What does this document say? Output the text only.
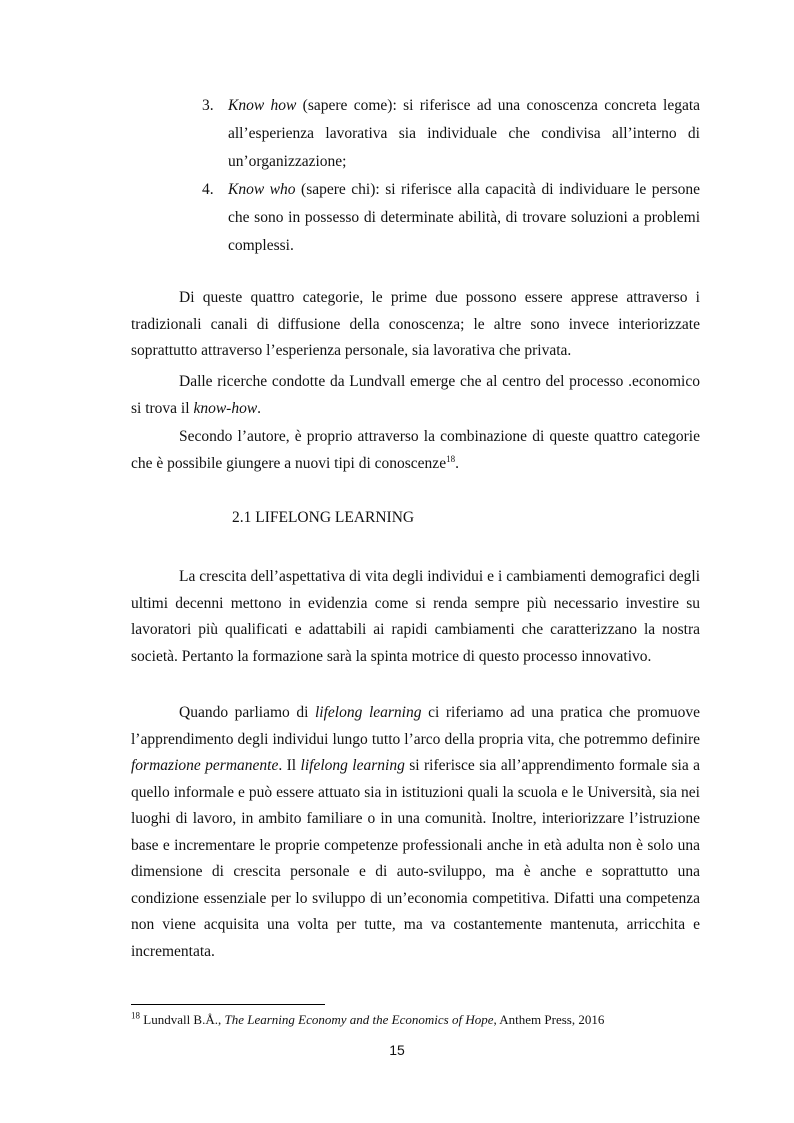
3. Know how (sapere come): si riferisce ad una conoscenza concreta legata all’esperienza lavorativa sia individuale che condivisa all’interno di un’organizzazione;
4. Know who (sapere chi): si riferisce alla capacità di individuare le persone che sono in possesso di determinate abilità, di trovare soluzioni a problemi complessi.
Di queste quattro categorie, le prime due possono essere apprese attraverso i tradizionali canali di diffusione della conoscenza; le altre sono invece interiorizzate soprattutto attraverso l’esperienza personale, sia lavorativa che privata.
Dalle ricerche condotte da Lundvall emerge che al centro del processo .economico si trova il know-how.
Secondo l’autore, è proprio attraverso la combinazione di queste quattro categorie che è possibile giungere a nuovi tipi di conoscenze$^{18}$.
2.1 LIFELONG LEARNING
La crescita dell’aspettativa di vita degli individui e i cambiamenti demografici degli ultimi decenni mettono in evidenzia come si renda sempre più necessario investire su lavoratori più qualificati e adattabili ai rapidi cambiamenti che caratterizzano la nostra società. Pertanto la formazione sarà la spinta motrice di questo processo innovativo.
Quando parliamo di lifelong learning ci riferiamo ad una pratica che promuove l’apprendimento degli individui lungo tutto l’arco della propria vita, che potremmo definire formazione permanente. Il lifelong learning si riferisce sia all’apprendimento formale sia a quello informale e può essere attuato sia in istituzioni quali la scuola e le Università, sia nei luoghi di lavoro, in ambito familiare o in una comunità. Inoltre, interiorizzare l’istruzione base e incrementare le proprie competenze professionali anche in età adulta non è solo una dimensione di crescita personale e di auto-sviluppo, ma è anche e soprattutto una condizione essenziale per lo sviluppo di un’economia competitiva. Difatti una competenza non viene acquisita una volta per tutte, ma va costantemente mantenuta, arricchita e incrementata.
$^{18}$ Lundvall B.Å., The Learning Economy and the Economics of Hope, Anthem Press, 2016
15
